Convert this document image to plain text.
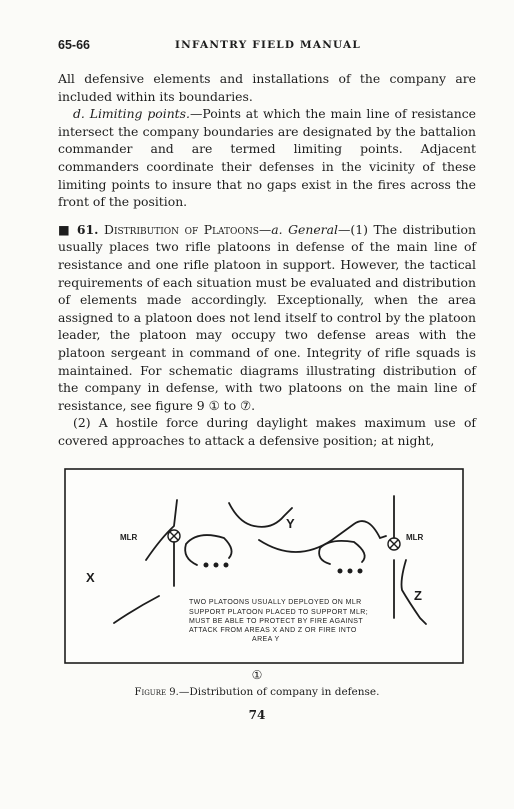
65-66	INFANTRY FIELD MANUAL

All defensive elements and installations of the company are included within its boundaries.

d. Limiting points.—Points at which the main line of resistance intersect the company boundaries are designated by the battalion commander and are termed limiting points. Adjacent commanders coordinate their defenses in the vicinity of these limiting points to insure that no gaps exist in the fires across the front of the position.

■ 61. Distribution of Platoons—a. General—(1) The distribution usually places two rifle platoons in defense of the main line of resistance and one rifle platoon in support. However, the tactical requirements of each situation must be evaluated and distribution of elements made accordingly. Exceptionally, when the area assigned to a platoon does not lend itself to control by the platoon leader, the platoon may occupy two defense areas with the platoon sergeant in command of one. Integrity of rifle squads is maintained. For schematic diagrams illustrating distribution of the company in defense, with two platoons on the main line of resistance, see figure 9 ① to ⑦.

(2) A hostile force during daylight makes maximum use of covered approaches to attack a defensive position; at night,

MLR	MLR
X
Y
Z
TWO PLATOONS USUALLY DEPLOYED ON MLR
SUPPORT PLATOON PLACED TO SUPPORT MLR;
MUST BE ABLE TO PROTECT BY FIRE AGAINST
ATTACK FROM AREAS X AND Z OR FIRE INTO
AREA Y
①
Figure 9.—Distribution of company in defense.
74
